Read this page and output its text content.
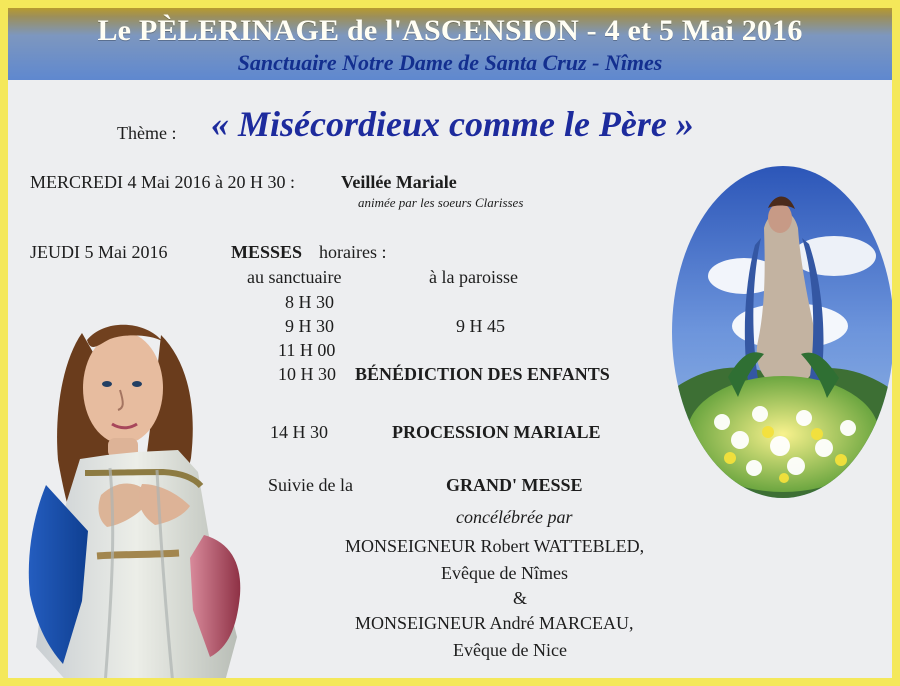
Le PÈLERINAGE de l'ASCENSION - 4 et 5 Mai 2016
Sanctuaire Notre Dame de Santa Cruz - Nîmes
Thème : « Misécordieux comme le Père »
MERCREDI 4 Mai 2016 à 20 H 30 :	Veillée Mariale
animée par les soeurs Clarisses
JEUDI 5 Mai 2016	MESSES horaires :
au sanctuaire	à la paroisse
8 H 30
9 H 30	9 H 45
11 H 00
10 H 30 BÉNÉDICTION DES ENFANTS
14 H 30	PROCESSION MARIALE
Suivie de la	GRAND' MESSE
concélébrée par
MONSEIGNEUR Robert WATTEBLED,
Evêque de Nîmes
&
MONSEIGNEUR André MARCEAU,
Evêque de Nice
